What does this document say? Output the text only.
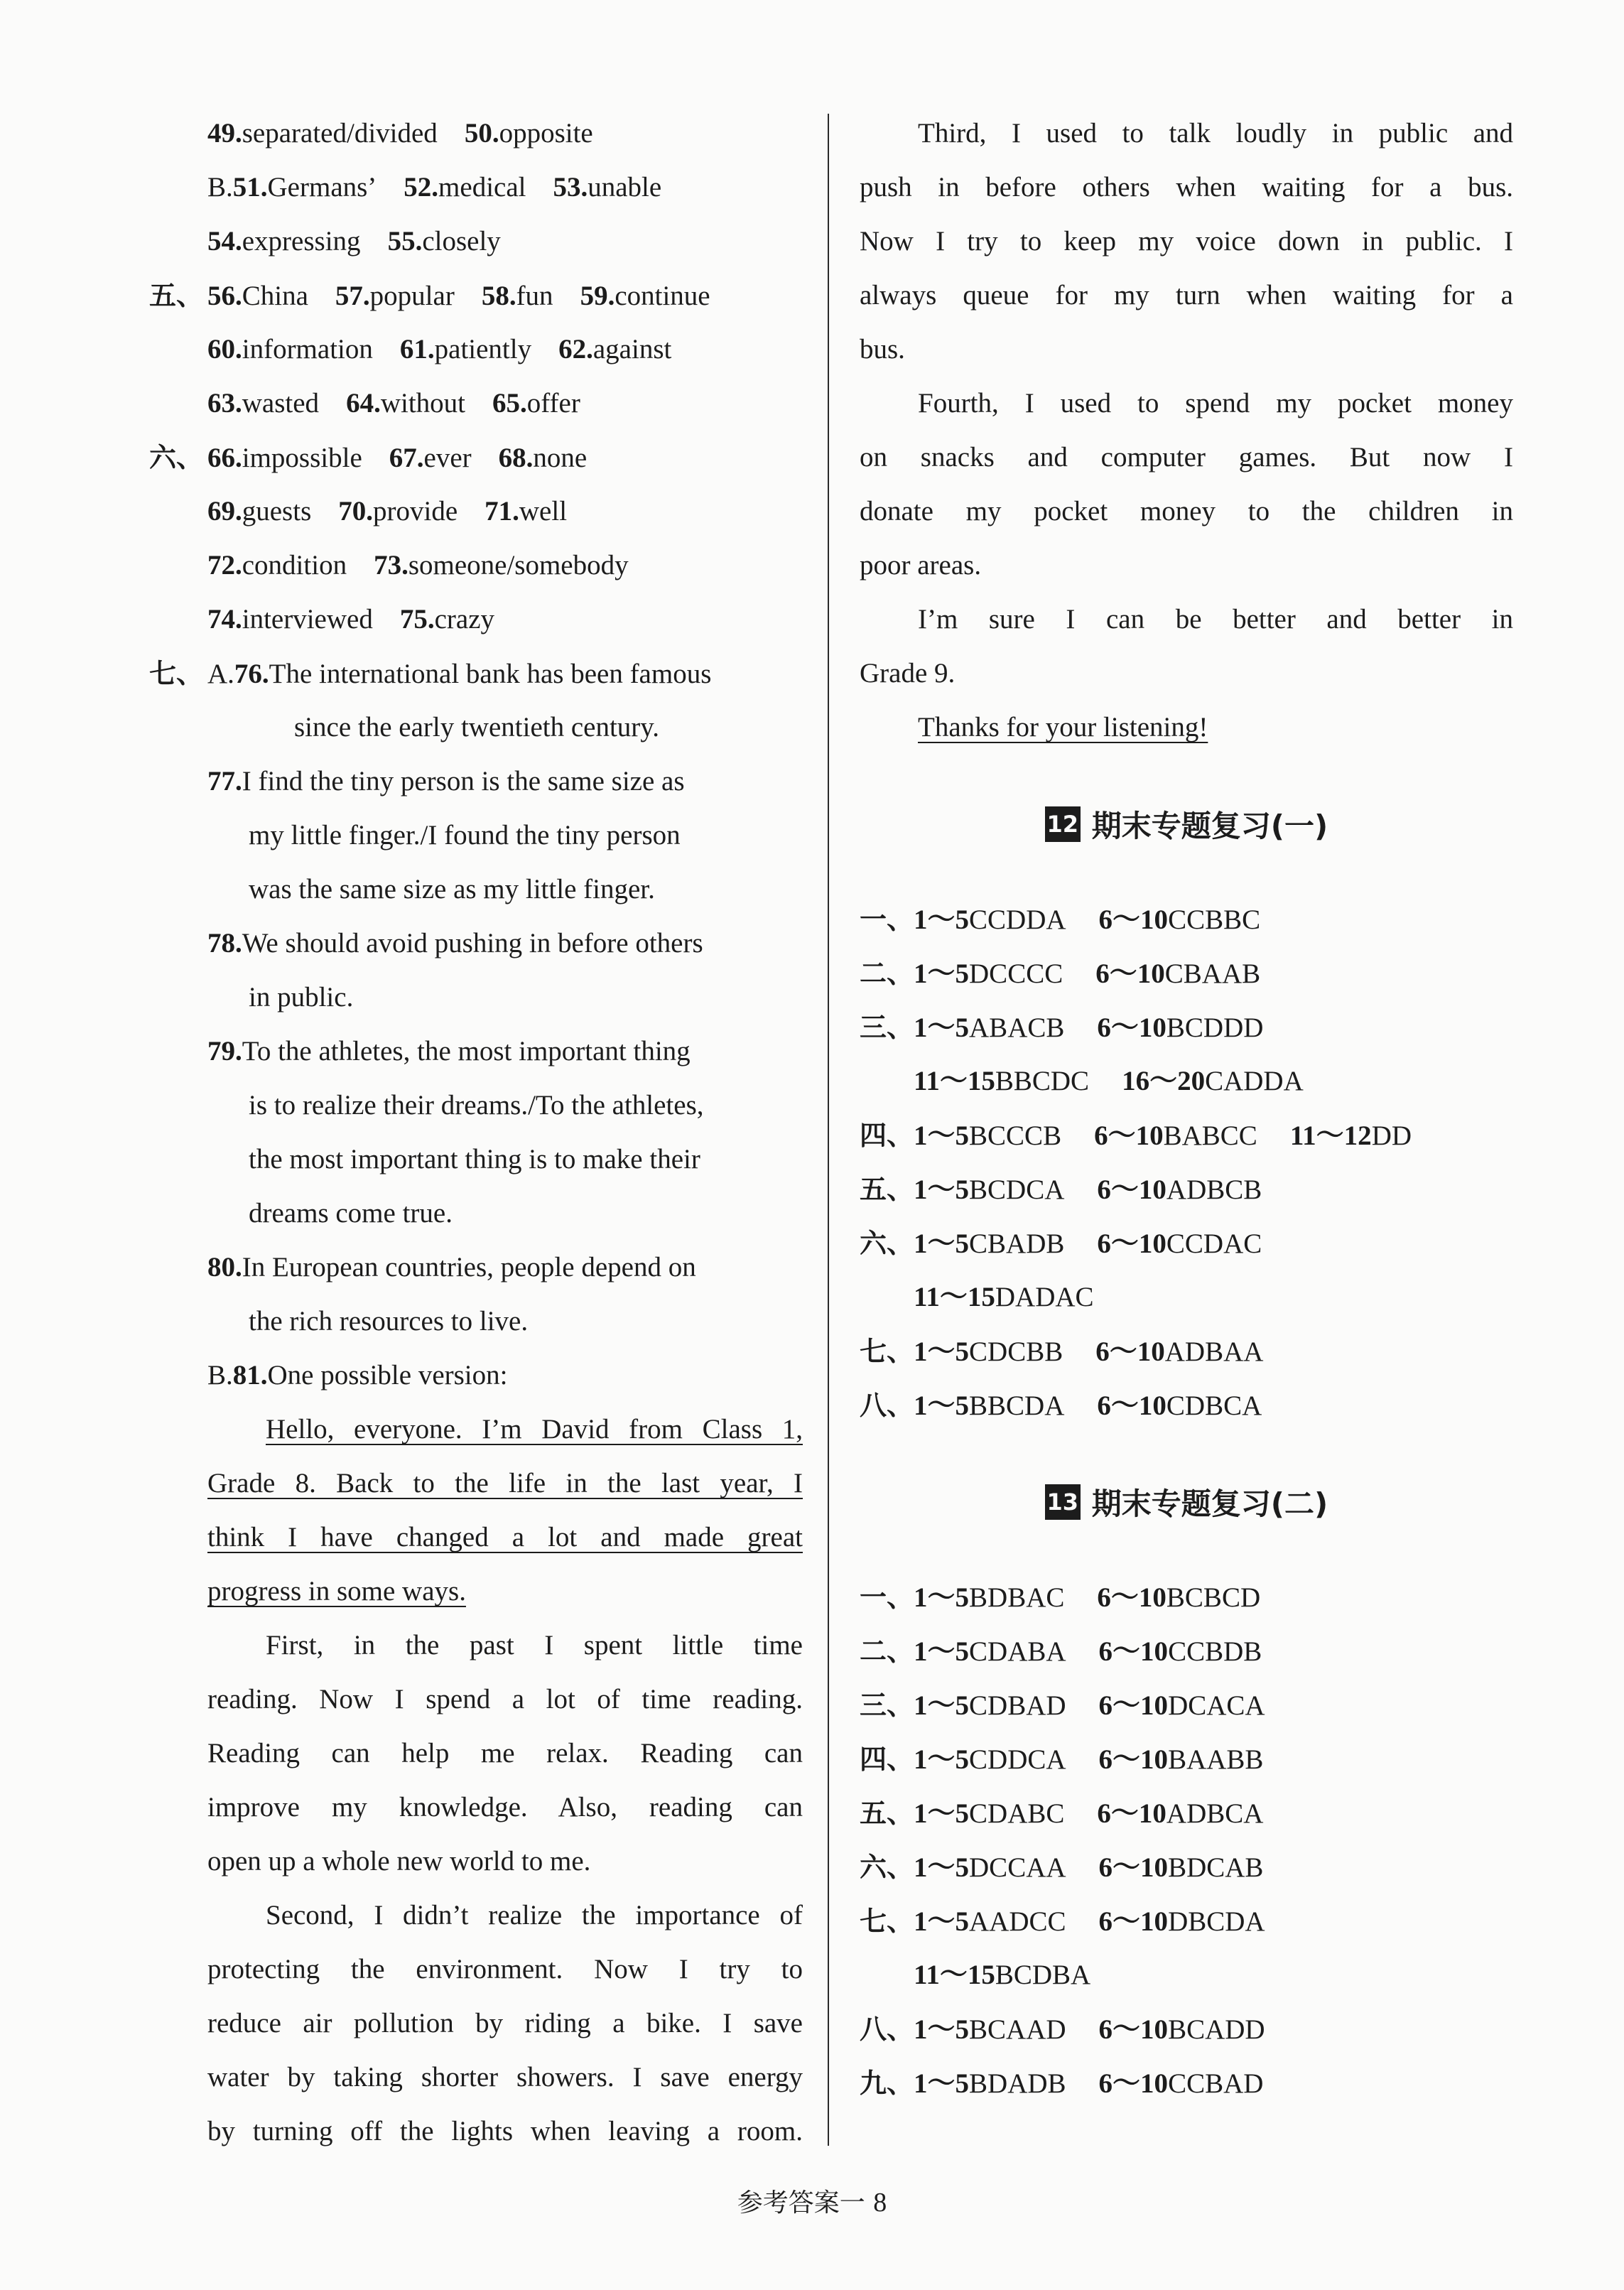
49. separated/divided 50. opposite
B. 51. Germans’ 52. medical 53. unable
54. expressing 55. closely
五、 56. China 57. popular 58. fun 59. continue
60. information 61. patiently 62. against
63. wasted 64. without 65. offer
六、 66. impossible 67. ever 68. none
69. guests 70. provide 71. well
72. condition 73. someone/somebody
74. interviewed 75. crazy
七、 A. 76. The international bank has been famous
since the early twentieth century.
77. I find the tiny person is the same size as
my little finger./I found the tiny person
was the same size as my little finger.
78. We should avoid pushing in before others
in public.
79. To the athletes, the most important thing
is to realize their dreams./To the athletes,
the most important thing is to make their
dreams come true.
80. In European countries, people depend on
the rich resources to live.
B. 81. One possible version:
Hello, everyone. I’m David from Class 1,
Grade 8. Back to the life in the last year, I
think I have changed a lot and made great
progress in some ways.
First, in the past I spent little time
reading. Now I spend a lot of time reading.
Reading can help me relax. Reading can
improve my knowledge. Also, reading can
open up a whole new world to me.
Second, I didn’t realize the importance of
protecting the environment. Now I try to
reduce air pollution by riding a bike. I save
water by taking shorter showers. I save energy
by turning off the lights when leaving a room.
Third, I used to talk loudly in public and
push in before others when waiting for a bus.
Now I try to keep my voice down in public. I
always queue for my turn when waiting for a
bus.
Fourth, I used to spend my pocket money
on snacks and computer games. But now I
donate my pocket money to the children in
poor areas.
I’m sure I can be better and better in
Grade 9.
Thanks for your listening!
12 期末专题复习(一)
一、 1～5 CCDDA 6～10 CCBBC
二、 1～5 DCCCC 6～10 CBAAB
三、 1～5 ABACB 6～10 BCDDD
11～15 BBCDC 16～20 CADDA
四、 1～5 BCCCB 6～10 BABCC 11～12 DD
五、 1～5 BCDCA 6～10 ADBCB
六、 1～5 CBADB 6～10 CCDAC
11～15 DADAC
七、 1～5 CDCBB 6～10 ADBAA
八、 1～5 BBCDA 6～10 CDBCA
13 期末专题复习(二)
一、 1～5 BDBAC 6～10 BCBCD
二、 1～5 CDABA 6～10 CCBDB
三、 1～5 CDBAD 6～10 DCACA
四、 1～5 CDDCA 6～10 BAABB
五、 1～5 CDABC 6～10 ADBCA
六、 1～5 DCCAA 6～10 BDCAB
七、 1～5 AADCC 6～10 DBCDA
11～15 BCDBA
八、 1～5 BCAAD 6～10 BCADD
九、 1～5 BDADB 6～10 CCBAD
参考答案一 8
